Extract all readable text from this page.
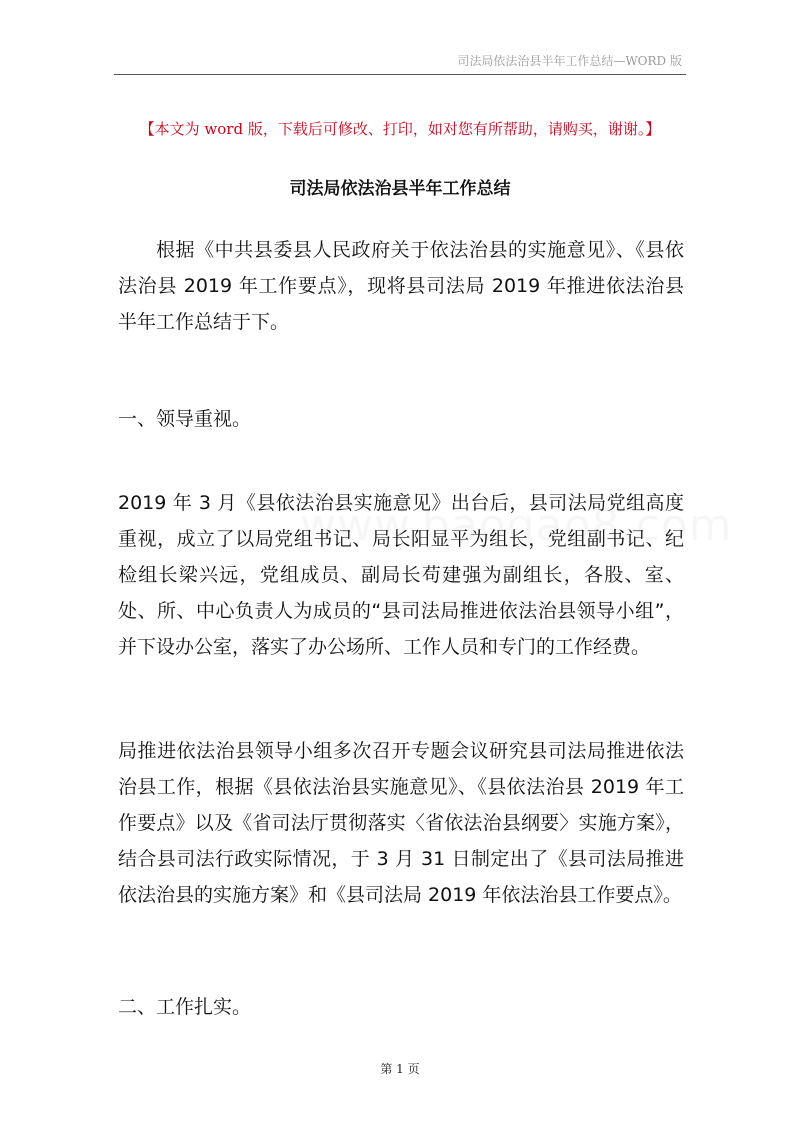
司法局依法治县半年工作总结—WORD 版
【本文为 word 版，下载后可修改、打印，如对您有所帮助，请购买，谢谢。】
司法局依法治县半年工作总结

根据《中共县委县人民政府关于依法治县的实施意见》、《县依法治县 2019 年工作要点》，现将县司法局 2019 年推进依法治县半年工作总结于下。

一、领导重视。

2019 年 3 月《县依法治县实施意见》出台后，县司法局党组高度重视，成立了以局党组书记、局长阳显平为组长，党组副书记、纪检组长梁兴远，党组成员、副局长苟建强为副组长，各股、室、处、所、中心负责人为成员的“县司法局推进依法治县领导小组”，并下设办公室，落实了办公场所、工作人员和专门的工作经费。

局推进依法治县领导小组多次召开专题会议研究县司法局推进依法治县工作，根据《县依法治县实施意见》、《县依法治县 2019 年工作要点》以及《省司法厅贯彻落实〈省依法治县纲要〉实施方案》，结合县司法行政实际情况，于 3 月 31 日制定出了《县司法局推进依法治县的实施方案》和《县司法局 2019 年依法治县工作要点》。

二、工作扎实。

第 1 页
